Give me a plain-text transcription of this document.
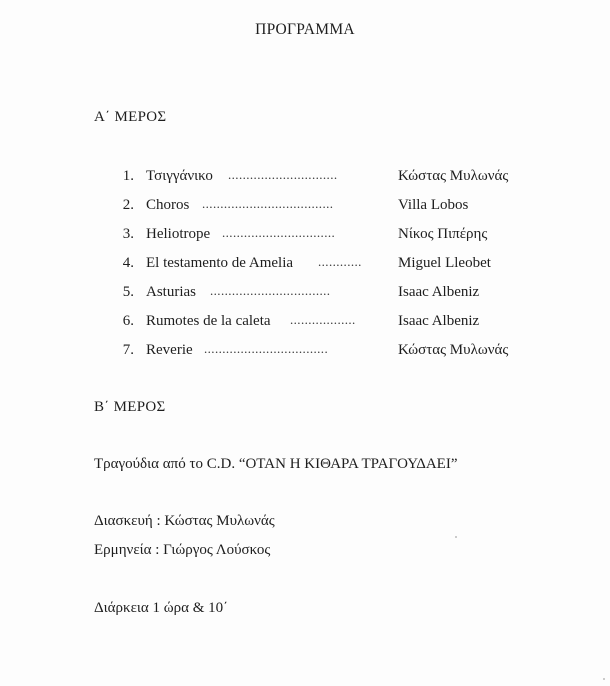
ΠΡΟΓΡΑΜΜΑ
Α΄ ΜΕΡΟΣ
1. Τσιγγάνικο ..............................	Κώστας Μυλωνάς
2. Choros ....................................	Villa Lobos
3. Heliotrope ...............................	Νίκος Πιπέρης
4. El testamento de Amelia ............ Miguel Lleobet
5. Asturias .................................	Isaac Albeniz
6. Rumotes de la caleta ..................	Isaac Albeniz
7. Reverie ..................................	Κώστας Μυλωνάς
Β΄ ΜΕΡΟΣ
Τραγούδια από το C.D. “ΟΤΑΝ Η ΚΙΘΑΡΑ ΤΡΑΓΟΥΔΑΕΙ”
Διασκευή : Κώστας Μυλωνάς
Ερμηνεία : Γιώργος Λούσκος
Διάρκεια 1 ώρα & 10΄
